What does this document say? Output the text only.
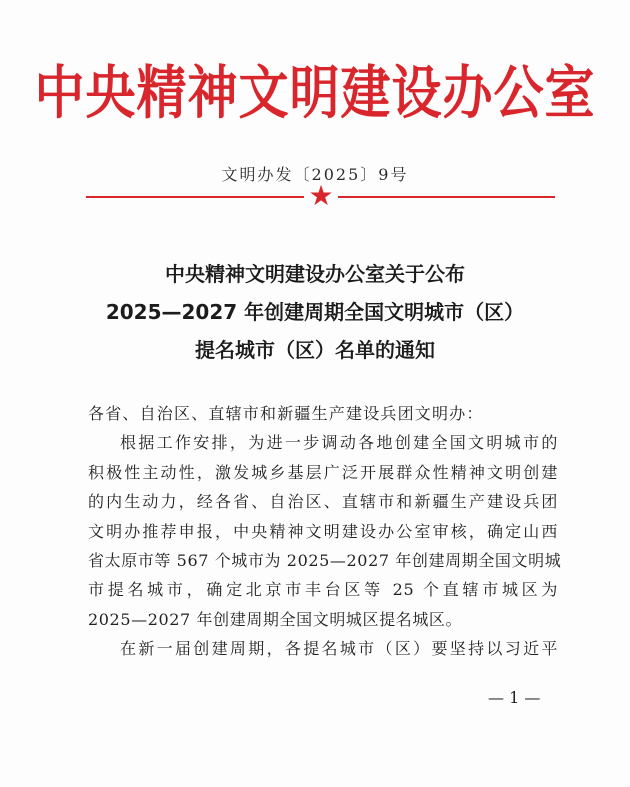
中央精神文明建设办公室
文明办发〔2025〕9号
★
中央精神文明建设办公室关于公布
2025—2027 年创建周期全国文明城市（区）
提名城市（区）名单的通知
各省、自治区、直辖市和新疆生产建设兵团文明办：
根据工作安排，为进一步调动各地创建全国文明城市的
积极性主动性，激发城乡基层广泛开展群众性精神文明创建
的内生动力，经各省、自治区、直辖市和新疆生产建设兵团
文明办推荐申报，中央精神文明建设办公室审核，确定山西
省太原市等 567 个城市为 2025—2027 年创建周期全国文明城
市提名城市，确定北京市丰台区等 25 个直辖市城区为
2025—2027 年创建周期全国文明城区提名城区。
在新一届创建周期，各提名城市（区）要坚持以习近平
— 1 —
